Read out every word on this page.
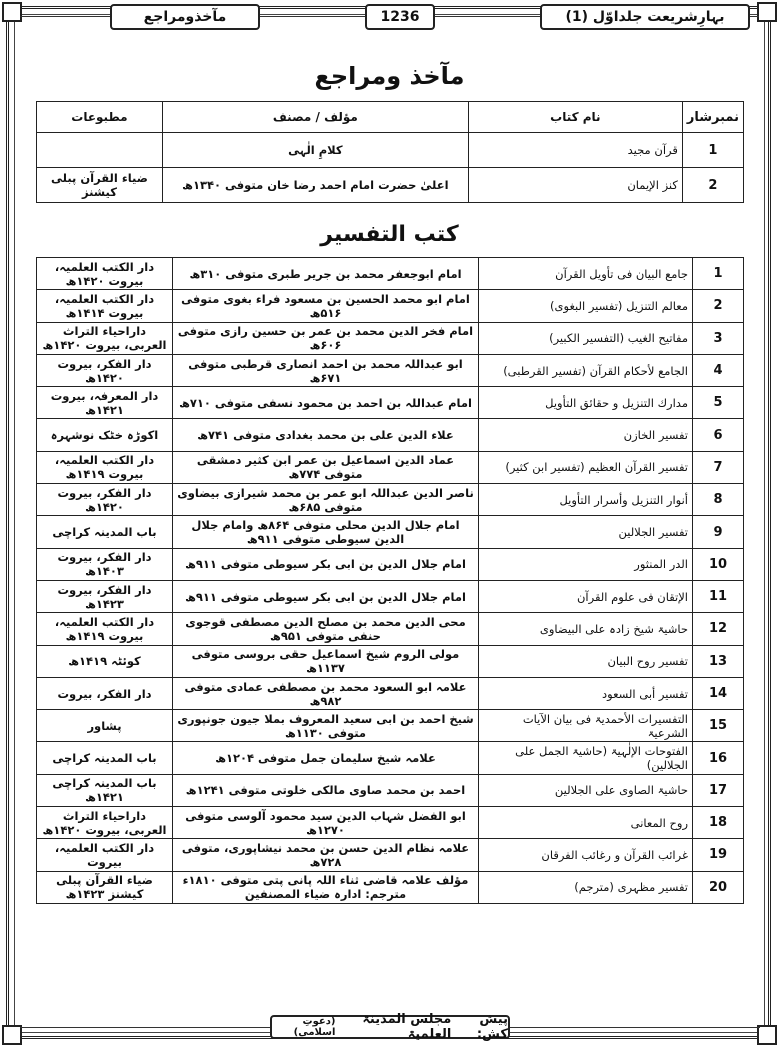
مآخذومراجع	1236	بہارِشریعت جلداوّل (1)
مآخذ ومراجع
نمبرشار	نام کتاب	مؤلف / مصنف	مطبوعات
1	قرآن مجید	کلامِ الٰہی	
2	کنز الإیمان	اعلیٰ حضرت امام احمد رضا خان متوفی ۱۳۴۰ھ	ضیاء القرآن پبلی کیشنز
کتب التفسیر
1	جامع البیان فی تأویل القرآن	امام ابوجعفر محمد بن جریر طبری متوفی ۳۱۰ھ	دار الکتب العلمیہ، بیروت ۱۴۲۰ھ
2	معالم التنزیل (تفسیر البغوی)	امام ابو محمد الحسین بن مسعود فراء بغوی متوفی ۵۱۶ھ	دار الکتب العلمیہ، بیروت ۱۴۱۴ھ
3	مفاتیح الغیب (التفسیر الکبیر)	امام فخر الدین محمد بن عمر بن حسین رازی متوفی ۶۰۶ھ	داراحیاء التراث العربی، بیروت ۱۴۲۰ھ
4	الجامع لأحکام القرآن (تفسیر القرطبی)	ابو عبداللہ محمد بن احمد انصاری قرطبی متوفی ۶۷۱ھ	دار الفکر، بیروت ۱۴۲۰ھ
5	مدارك التنزیل و حقائق التأویل	امام عبداللہ بن احمد بن محمود نسفی متوفی ۷۱۰ھ	دار المعرفہ، بیروت ۱۴۲۱ھ
6	تفسیر الخازن	علاء الدین علی بن محمد بغدادی متوفی ۷۴۱ھ	اکوڑہ خٹک نوشہرہ
7	تفسیر القرآن العظیم (تفسیر ابن کثیر)	عماد الدین اسماعیل بن عمر ابن کثیر دمشقی متوفی ۷۷۴ھ	دار الکتب العلمیہ، بیروت ۱۴۱۹ھ
8	أنوار التنزیل وأسرار التأویل	ناصر الدین عبداللہ ابو عمر بن محمد شیرازی بیضاوی متوفی ۶۸۵ھ	دار الفکر، بیروت ۱۴۲۰ھ
9	تفسیر الجلالین	امام جلال الدین محلی متوفی ۸۶۴ھ وامام جلال الدین سیوطی متوفی ۹۱۱ھ	باب المدینہ کراچی
10	الدر المنثور	امام جلال الدین بن ابی بکر سیوطی متوفی ۹۱۱ھ	دار الفکر، بیروت ۱۴۰۳ھ
11	الإتقان فی علوم القرآن	امام جلال الدین بن ابی بکر سیوطی متوفی ۹۱۱ھ	دار الفکر، بیروت ۱۴۲۳ھ
12	حاشیۃ شیخ زادہ علی البیضاوی	محی الدین محمد بن مصلح الدین مصطفی قوجوی حنفی متوفی ۹۵۱ھ	دار الکتب العلمیہ، بیروت ۱۴۱۹ھ
13	تفسیر روح البیان	مولی الروم شیخ اسماعیل حقی بروسی متوفی ۱۱۳۷ھ	کوئٹہ ۱۴۱۹ھ
14	تفسیر أبی السعود	علامہ ابو السعود محمد بن مصطفی عمادی متوفی ۹۸۲ھ	دار الفکر، بیروت
15	التفسیرات الأحمدیۃ فی بیان الآیات الشرعیۃ	شیخ احمد بن ابی سعید المعروف بملا جیون جونپوری متوفی ۱۱۳۰ھ	پشاور
16	الفتوحات الإلٰہیۃ (حاشیۃ الجمل علی الجلالین)	علامہ شیخ سلیمان جمل متوفی ۱۲۰۴ھ	باب المدینہ کراچی
17	حاشیۃ الصاوی علی الجلالین	احمد بن محمد صاوی مالکی خلوتی متوفی ۱۲۴۱ھ	باب المدینہ کراچی ۱۴۲۱ھ
18	روح المعانی	ابو الفضل شہاب الدین سید محمود آلوسی متوفی ۱۲۷۰ھ	داراحیاء التراث العربی، بیروت ۱۴۲۰ھ
19	غرائب القرآن و رغائب الفرقان	علامہ نظام الدین حسن بن محمد نیشاپوری، متوفی ۷۲۸ھ	دار الکتب العلمیہ، بیروت
20	تفسیر مظہری (مترجم)	مؤلف علامہ قاضی ثناء اللہ پانی پتی متوفی ۱۸۱۰ء مترجم: ادارہ ضیاء المصنفین	ضیاء القرآن پبلی کیشنز ۱۴۲۳ھ
پیش کش:

مجلس المدینۃ العلمیۃ

(دعوتِ اسلامی)
